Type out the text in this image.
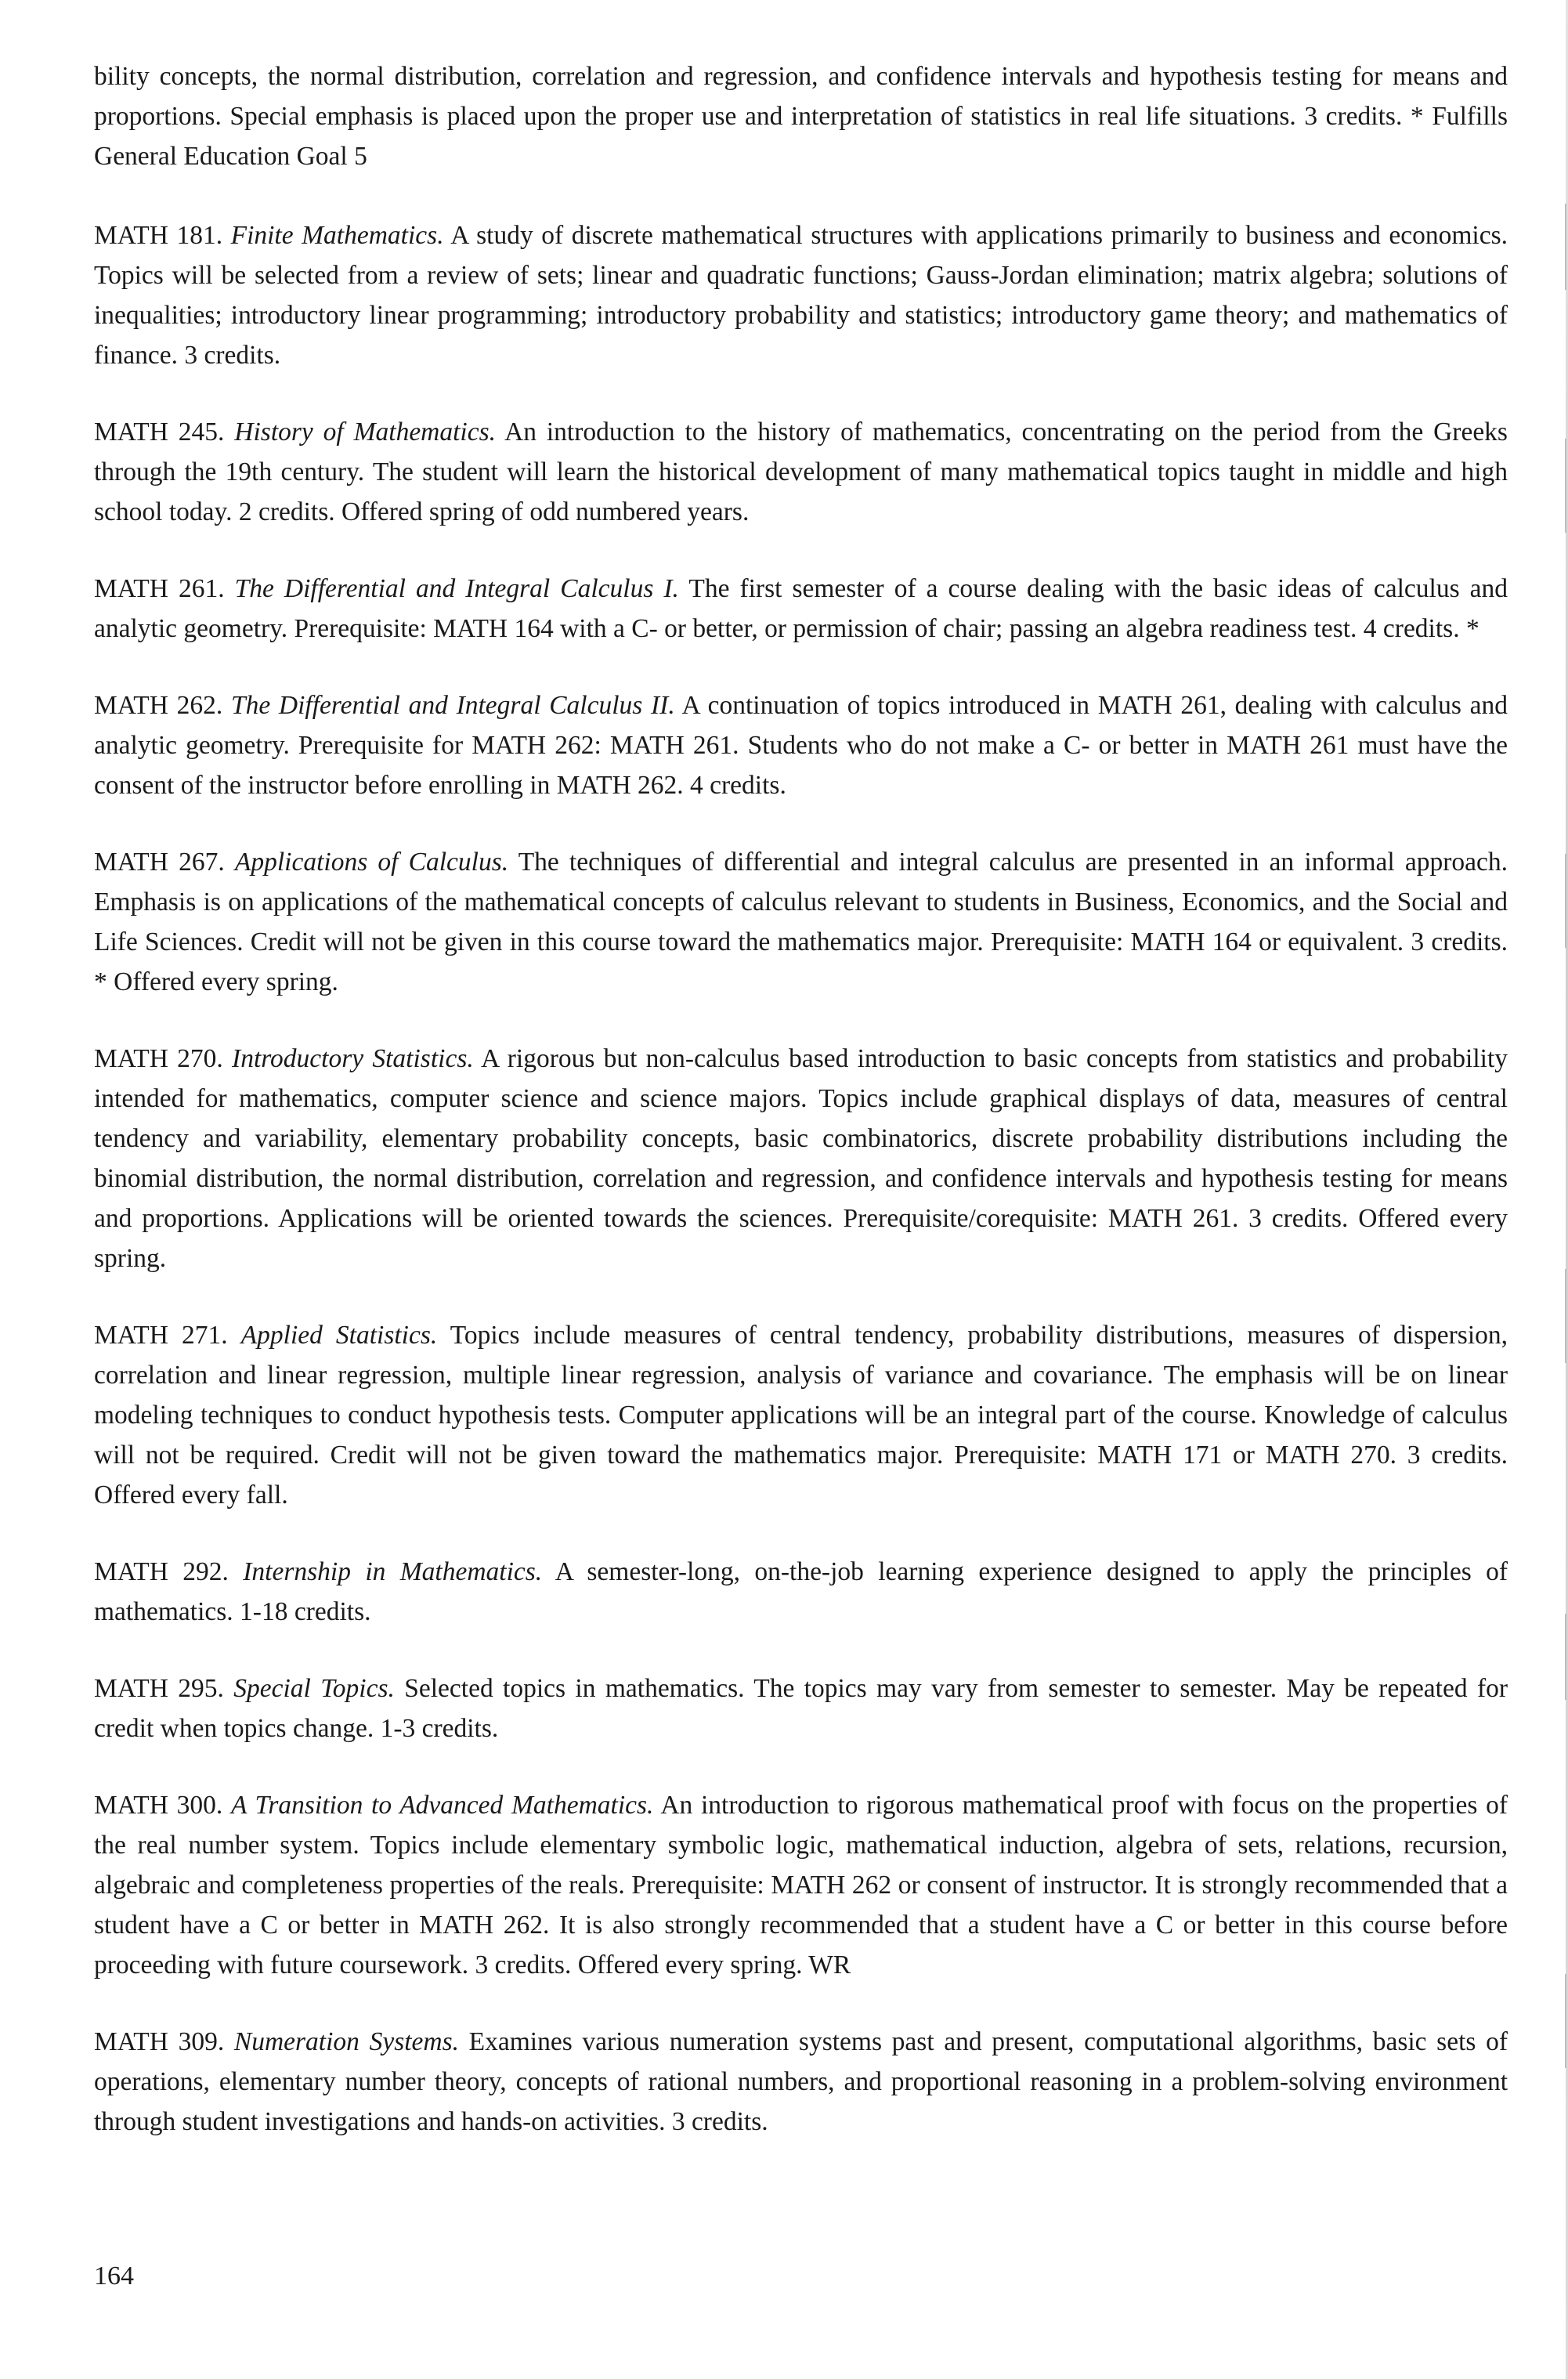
bility concepts, the normal distribution, correlation and regression, and confidence intervals and hypothesis testing for means and proportions. Special emphasis is placed upon the proper use and interpretation of statistics in real life situations. 3 credits. * Fulfills General Education Goal 5

MATH 181. Finite Mathematics. A study of discrete mathematical structures with applications primarily to business and economics. Topics will be selected from a review of sets; linear and quadratic functions; Gauss-Jordan elimination; matrix algebra; solutions of inequalities; introductory linear programming; introductory probability and statistics; introductory game theory; and mathematics of finance. 3 credits.

MATH 245. History of Mathematics. An introduction to the history of mathematics, concentrating on the period from the Greeks through the 19th century. The student will learn the historical development of many mathematical topics taught in middle and high school today. 2 credits. Offered spring of odd numbered years.

MATH 261. The Differential and Integral Calculus I. The first semester of a course dealing with the basic ideas of calculus and analytic geometry. Prerequisite: MATH 164 with a C- or better, or permission of chair; passing an algebra readiness test. 4 credits. *

MATH 262. The Differential and Integral Calculus II. A continuation of topics introduced in MATH 261, dealing with calculus and analytic geometry. Prerequisite for MATH 262: MATH 261. Students who do not make a C- or better in MATH 261 must have the consent of the instructor before enrolling in MATH 262. 4 credits.

MATH 267. Applications of Calculus. The techniques of differential and integral calculus are presented in an informal approach. Emphasis is on applications of the mathematical concepts of calculus relevant to students in Business, Economics, and the Social and Life Sciences. Credit will not be given in this course toward the mathematics major. Prerequisite: MATH 164 or equivalent. 3 credits. * Offered every spring.

MATH 270. Introductory Statistics. A rigorous but non-calculus based introduction to basic concepts from statistics and probability intended for mathematics, computer science and science majors. Topics include graphical displays of data, measures of central tendency and variability, elementary probability concepts, basic combinatorics, discrete probability distributions including the binomial distribution, the normal distribution, correlation and regression, and confidence intervals and hypothesis testing for means and proportions. Applications will be oriented towards the sciences. Prerequisite/corequisite: MATH 261. 3 credits. Offered every spring.

MATH 271. Applied Statistics. Topics include measures of central tendency, probability distributions, measures of dispersion, correlation and linear regression, multiple linear regression, analysis of variance and covariance. The emphasis will be on linear modeling techniques to conduct hypothesis tests. Computer applications will be an integral part of the course. Knowledge of calculus will not be required. Credit will not be given toward the mathematics major. Prerequisite: MATH 171 or MATH 270. 3 credits. Offered every fall.

MATH 292. Internship in Mathematics. A semester-long, on-the-job learning experience designed to apply the principles of mathematics. 1-18 credits.

MATH 295. Special Topics. Selected topics in mathematics. The topics may vary from semester to semester. May be repeated for credit when topics change. 1-3 credits.

MATH 300. A Transition to Advanced Mathematics. An introduction to rigorous mathematical proof with focus on the properties of the real number system. Topics include elementary symbolic logic, mathematical induction, algebra of sets, relations, recursion, algebraic and completeness properties of the reals. Prerequisite: MATH 262 or consent of instructor. It is strongly recommended that a student have a C or better in MATH 262. It is also strongly recommended that a student have a C or better in this course before proceeding with future coursework. 3 credits. Offered every spring. WR

MATH 309. Numeration Systems. Examines various numeration systems past and present, computational algorithms, basic sets of operations, elementary number theory, concepts of rational numbers, and proportional reasoning in a problem-solving environment through student investigations and hands-on activities. 3 credits.

164
